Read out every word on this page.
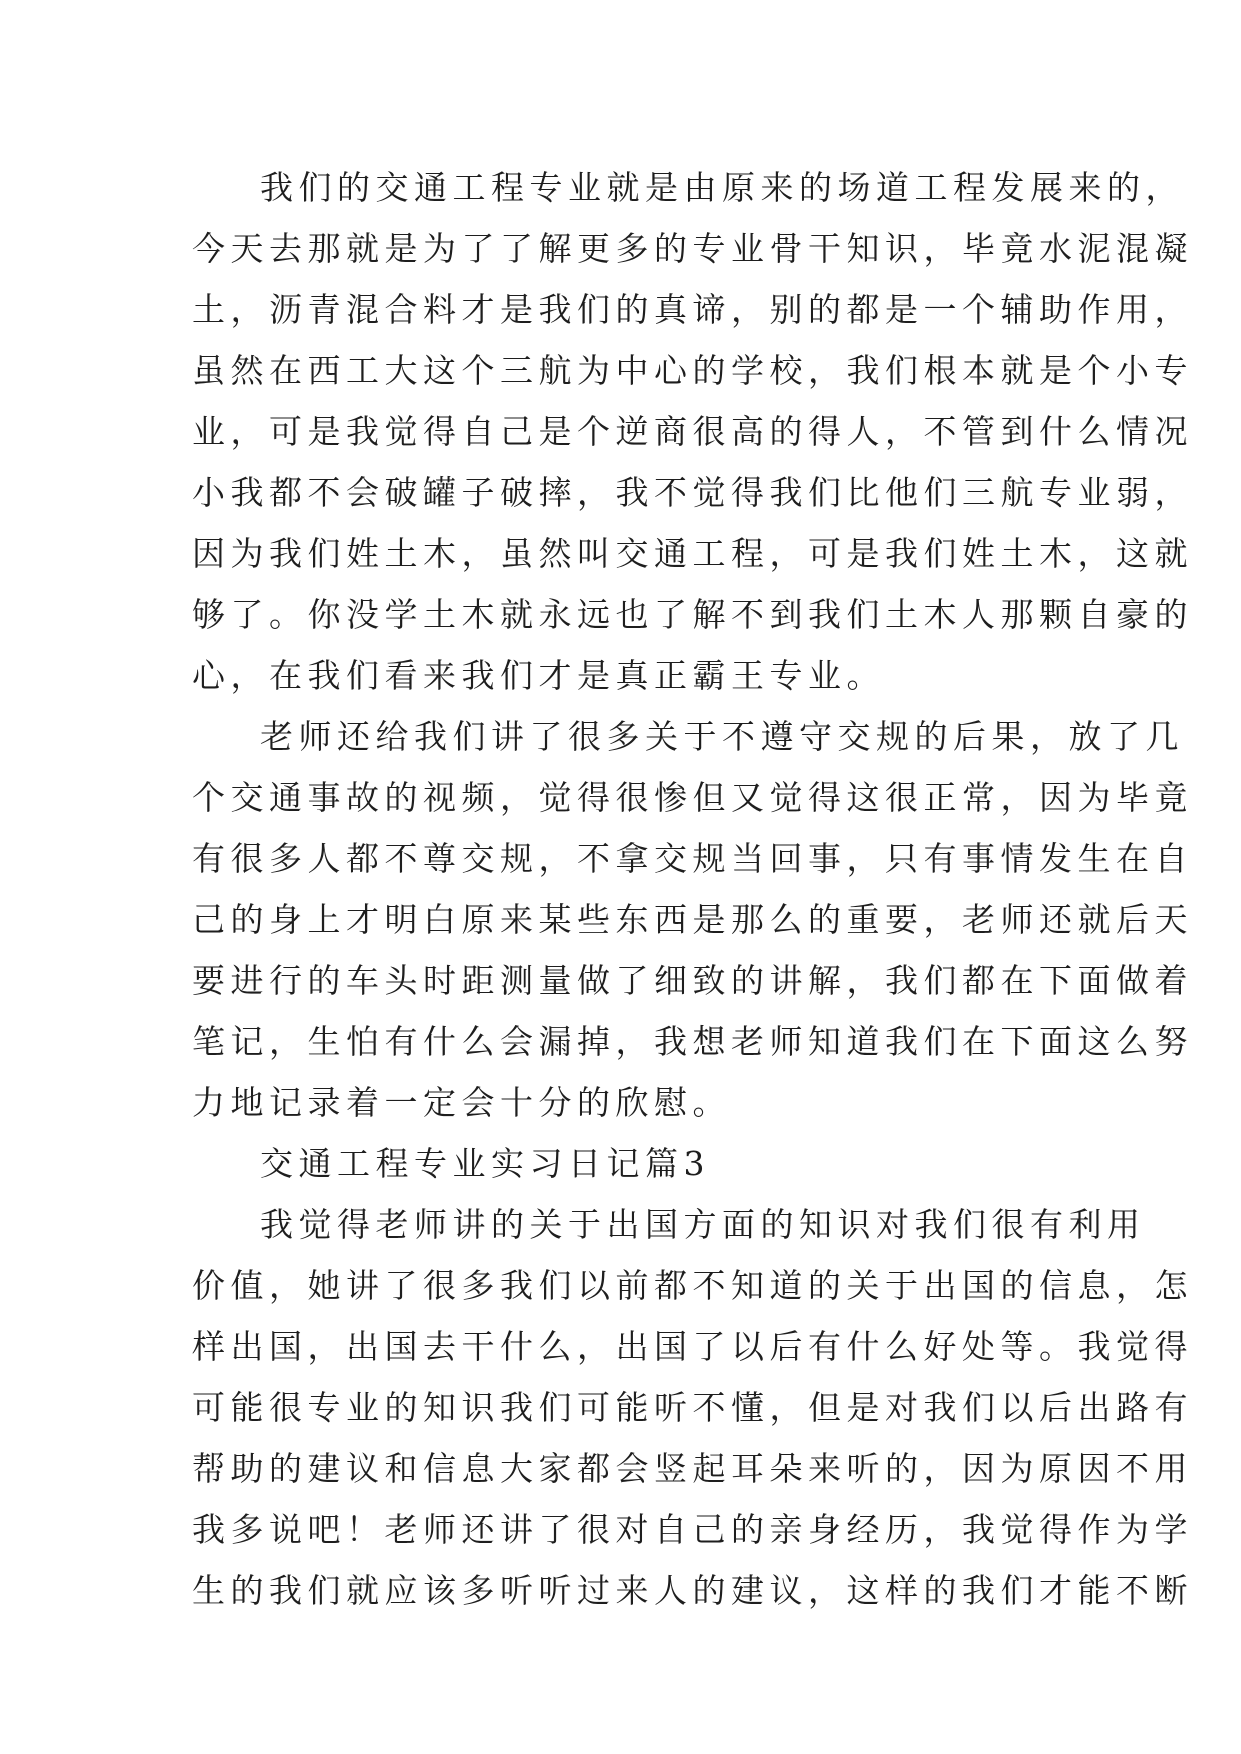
我们的交通工程专业就是由原来的场道工程发展来的，
今天去那就是为了了解更多的专业骨干知识，毕竟水泥混凝
土，沥青混合料才是我们的真谛，别的都是一个辅助作用，
虽然在西工大这个三航为中心的学校，我们根本就是个小专
业，可是我觉得自己是个逆商很高的得人，不管到什么情况
小我都不会破罐子破摔，我不觉得我们比他们三航专业弱，
因为我们姓土木，虽然叫交通工程，可是我们姓土木，这就
够了。你没学土木就永远也了解不到我们土木人那颗自豪的
心，在我们看来我们才是真正霸王专业。
老师还给我们讲了很多关于不遵守交规的后果，放了几
个交通事故的视频，觉得很惨但又觉得这很正常，因为毕竟
有很多人都不尊交规，不拿交规当回事，只有事情发生在自
己的身上才明白原来某些东西是那么的重要，老师还就后天
要进行的车头时距测量做了细致的讲解，我们都在下面做着
笔记，生怕有什么会漏掉，我想老师知道我们在下面这么努
力地记录着一定会十分的欣慰。
交通工程专业实习日记篇3
我觉得老师讲的关于出国方面的知识对我们很有利用
价值，她讲了很多我们以前都不知道的关于出国的信息，怎
样出国，出国去干什么，出国了以后有什么好处等。我觉得
可能很专业的知识我们可能听不懂，但是对我们以后出路有
帮助的建议和信息大家都会竖起耳朵来听的，因为原因不用
我多说吧！老师还讲了很对自己的亲身经历，我觉得作为学
生的我们就应该多听听过来人的建议，这样的我们才能不断
